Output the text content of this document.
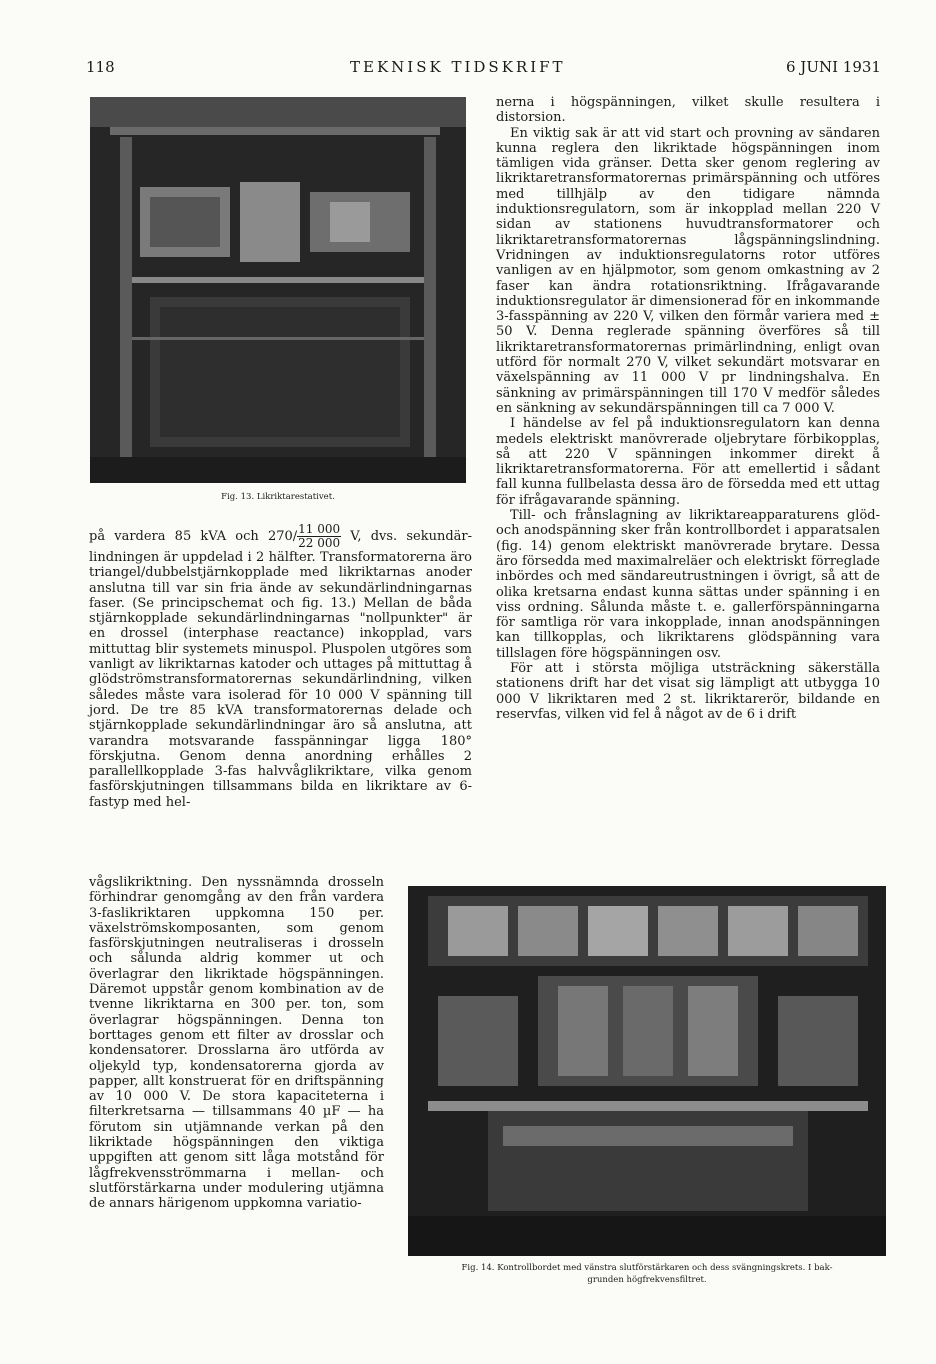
118	TEKNISK TIDSKRIFT	6 JUNI 1931
Fig. 13. Likriktarestativet.

på vardera 85 kVA och $270/ \frac{11 000}{22 000} V$, dvs. sekundär- lindningen är uppdelad i 2 hälfter. Transformatorerna äro triangel/dubbelstjärnkopplade med likriktarnas anoder anslutna till var sin fria ände av sekundärlindningarnas faser. (Se principschemat och fig. 13.) Mellan de båda stjärnkopplade sekundärlindningarnas "nollpunkter" är en drossel (interphase reactance) inkopplad, vars mittuttag blir systemets minuspol. Pluspolen utgöres som vanligt av likriktarnas katoder och uttages på mittuttag å glödströmstransformatorernas sekundärlindning, vilken således måste vara isolerad för 10 000 V spänning till jord. De tre 85 kVA transformatorernas delade och stjärnkopplade sekundärlindningar äro så anslutna, att varandra motsvarande fasspänningar ligga 180° förskjutna. Genom denna anordning erhålles 2 parallellkopplade 3-fas halvvåglikriktare, vilka genom fasförskjutningen tillsammans bilda en likriktare av 6-fastyp med hel-

vågslikriktning. Den nyssnämnda drosseln förhindrar genomgång av den från vardera 3-faslikriktaren uppkomna 150 per. växelströmskomposanten, som genom fasförskjutningen neutraliseras i drosseln och sålunda aldrig kommer ut och överlagrar den likriktade högspänningen. Däremot uppstår genom kombination av de tvenne likriktarna en 300 per. ton, som överlagrar högspänningen. Denna ton borttages genom ett filter av drosslar och kondensatorer. Drosslarna äro utförda av oljekyld typ, kondensatorerna gjorda av papper, allt konstruerat för en driftspänning av 10 000 V. De stora kapaciteterna i filterkretsarna — tillsammans 40 µF — ha förutom sin utjämnande verkan på den likriktade högspänningen den viktiga uppgiften att genom sitt låga motstånd för lågfrekvensströmmarna i mellan- och slutförstärkarna under modulering utjämna de annars härigenom uppkomna variatio-

nerna i högspänningen, vilket skulle resultera i distorsion.

En viktig sak är att vid start och provning av sändaren kunna reglera den likriktade högspänningen inom tämligen vida gränser. Detta sker genom reglering av likriktaretransformatorernas primärspänning och utföres med tillhjälp av den tidigare nämnda induktionsregulatorn, som är inkopplad mellan 220 V sidan av stationens huvudtransformatorer och likriktaretransformatorernas lågspänningslindning. Vridningen av induktionsregulatorns rotor utföres vanligen av en hjälpmotor, som genom omkastning av 2 faser kan ändra rotationsriktning. Ifrågavarande induktionsregulator är dimensionerad för en inkommande 3-fasspänning av 220 V, vilken den förmår variera med ± 50 V. Denna reglerade spänning överföres så till likriktaretransformatorernas primärlindning, enligt ovan utförd för normalt 270 V, vilket sekundärt motsvarar en växelspänning av 11 000 V pr lindningshalva. En sänkning av primärspänningen till 170 V medför således en sänkning av sekundärspänningen till ca 7 000 V.

I händelse av fel på induktionsregulatorn kan denna medels elektriskt manövrerade oljebrytare förbikopplas, så att 220 V spänningen inkommer direkt å likriktaretransformatorerna. För att emellertid i sådant fall kunna fullbelasta dessa äro de försedda med ett uttag för ifrågavarande spänning.

Till- och frånslagning av likriktareapparaturens glöd- och anodspänning sker från kontrollbordet i apparatsalen (fig. 14) genom elektriskt manövrerade brytare. Dessa äro försedda med maximalreläer och elektriskt förreglade inbördes och med sändareutrustningen i övrigt, så att de olika kretsarna endast kunna sättas under spänning i en viss ordning. Sålunda måste t. e. gallerförspänningarna för samtliga rör vara inkopplade, innan anodspänningen kan tillkopplas, och likriktarens glödspänning vara tillslagen före högspänningen osv.

För att i största möjliga utsträckning säkerställa stationens drift har det visat sig lämpligt att utbygga 10 000 V likriktaren med 2 st. likriktarerör, bildande en reservfas, vilken vid fel å något av de 6 i drift

Fig. 14. Kontrollbordet med vänstra slutförstärkaren och dess svängningskrets. I bak-
grunden högfrekvensfiltret.
